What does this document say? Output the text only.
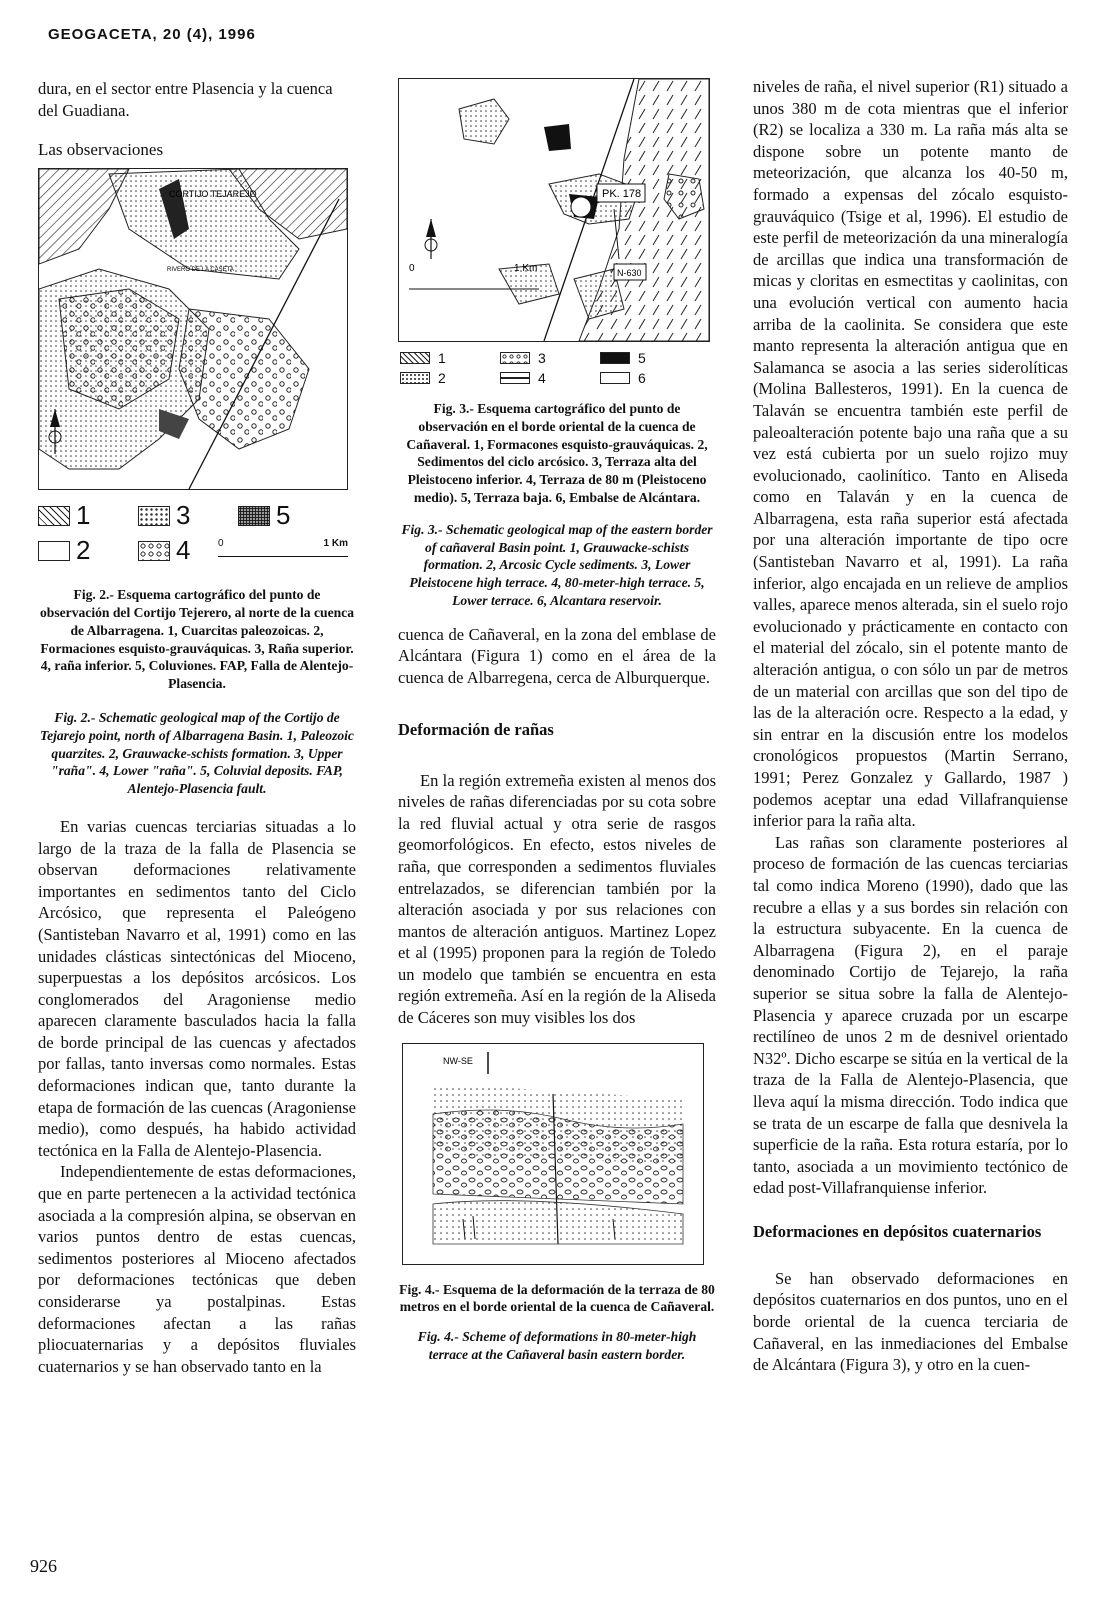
GEOGACETA, 20 (4), 1996

dura, en el sector entre Plasencia y la cuenca del Guadiana.

Las observaciones
CORTIJO TEJAREJO
RIVERO DE LA CASETA
1	3	5
2	4	0	1 Km

Fig. 2.- Esquema cartográfico del punto de observación del Cortijo Tejerero, al norte de la cuenca de Albarragena. 1, Cuarcitas paleozoicas. 2, Formaciones esquisto-grauváquicas. 3, Raña superior. 4, raña inferior. 5, Coluviones. FAP, Falla de Alentejo-Plasencia.

Fig. 2.- Schematic geological map of the Cortijo de Tejarejo point, north of Albarragena Basin. 1, Paleozoic quarzites. 2, Grauwacke-schists formation. 3, Upper "raña". 4, Lower "raña". 5, Coluvial deposits. FAP, Alentejo-Plasencia fault.

En varias cuencas terciarias situadas a lo largo de la traza de la falla de Plasencia se observan deformaciones relativamente importantes en sedimentos tanto del Ciclo Arcósico, que representa el Paleógeno (Santisteban Navarro et al, 1991) como en las unidades clásticas sintectónicas del Mioceno, superpuestas a los depósitos arcósicos. Los conglomerados del Aragoniense medio aparecen claramente basculados hacia la falla de borde principal de las cuencas y afectados por fallas, tanto inversas como normales. Estas deformaciones indican que, tanto durante la etapa de formación de las cuencas (Aragoniense medio), como después, ha habido actividad tectónica en la Falla de Alentejo-Plasencia.

Independientemente de estas deformaciones, que en parte pertenecen a la actividad tectónica asociada a la compresión alpina, se observan en varios puntos dentro de estas cuencas, sedimentos posteriores al Mioceno afectados por deformaciones tectónicas que deben considerarse ya postalpinas. Estas deformaciones afectan a las rañas pliocuaternarias y a depósitos fluviales cuaternarios y se han observado tanto en la

PK. 178
N-630
0	1 Km
1	3	5
2	4	6

Fig. 3.- Esquema cartográfico del punto de observación en el borde oriental de la cuenca de Cañaveral. 1, Formacones esquisto-grauváquicas. 2, Sedimentos del ciclo arcósico. 3, Terraza alta del Pleistoceno inferior. 4, Terraza de 80 m (Pleistoceno medio). 5, Terraza baja. 6, Embalse de Alcántara.

Fig. 3.- Schematic geological map of the eastern border of cañaveral Basin point. 1, Grauwacke-schists formation. 2, Arcosic Cycle sediments. 3, Lower Pleistocene high terrace. 4, 80-meter-high terrace. 5, Lower terrace. 6, Alcantara reservoir.

cuenca de Cañaveral, en la zona del emblase de Alcántara (Figura 1) como en el área de la cuenca de Albarregena, cerca de Alburquerque.

Deformación de rañas

En la región extremeña existen al menos dos niveles de rañas diferenciadas por su cota sobre la red fluvial actual y otra serie de rasgos geomorfológicos. En efecto, estos niveles de raña, que corresponden a sedimentos fluviales entrelazados, se diferencian también por la alteración asociada y por sus relaciones con mantos de alteración antiguos. Martinez Lopez et al (1995) proponen para la región de Toledo un modelo que también se encuentra en esta región extremeña. Así en la región de la Aliseda de Cáceres son muy visibles los dos

NW-SE

Fig. 4.- Esquema de la deformación de la terraza de 80 metros en el borde oriental de la cuenca de Cañaveral.

Fig. 4.- Scheme of deformations in 80-meter-high terrace at the Cañaveral basin eastern border.

niveles de raña, el nivel superior (R1) situado a unos 380 m de cota mientras que el inferior (R2) se localiza a 330 m. La raña más alta se dispone sobre un potente manto de meteorización, que alcanza los 40-50 m, formado a expensas del zócalo esquisto-grauváquico (Tsige et al, 1996). El estudio de este perfil de meteorización da una mineralogía de arcillas que indica una transformación de micas y cloritas en esmectitas y caolinitas, con una evolución vertical con aumento hacia arriba de la caolinita. Se considera que este manto representa la alteración antigua que en Salamanca se asocia a las series siderolíticas (Molina Ballesteros, 1991). En la cuenca de Talaván se encuentra también este perfil de paleoalteración potente bajo una raña que a su vez está cubierta por un suelo rojizo muy evolucionado, caolinítico. Tanto en Aliseda como en Talaván y en la cuenca de Albarragena, esta raña superior está afectada por una alteración importante de tipo ocre (Santisteban Navarro et al, 1991). La raña inferior, algo encajada en un relieve de amplios valles, aparece menos alterada, sin el suelo rojo evolucionado y prácticamente en contacto con el material del zócalo, sin el potente manto de alteración antigua, o con sólo un par de metros de un material con arcillas que son del tipo de las de la alteración ocre. Respecto a la edad, y sin entrar en la discusión entre los modelos cronológicos propuestos (Martin Serrano, 1991; Perez Gonzalez y Gallardo, 1987 ) podemos aceptar una edad Villafranquiense inferior para la raña alta.

Las rañas son claramente posteriores al proceso de formación de las cuencas terciarias tal como indica Moreno (1990), dado que las recubre a ellas y a sus bordes sin relación con la estructura subyacente. En la cuenca de Albarragena (Figura 2), en el paraje denominado Cortijo de Tejarejo, la raña superior se situa sobre la falla de Alentejo-Plasencia y aparece cruzada por un escarpe rectilíneo de unos 2 m de desnivel orientado N32º. Dicho escarpe se sitúa en la vertical de la traza de la Falla de Alentejo-Plasencia, que lleva aquí la misma dirección. Todo indica que se trata de un escarpe de falla que desnivela la superficie de la raña. Esta rotura estaría, por lo tanto, asociada a un movimiento tectónico de edad post-Villafranquiense inferior.

Deformaciones en depósitos cuaternarios

Se han observado deformaciones en depósitos cuaternarios en dos puntos, uno en el borde oriental de la cuenca terciaria de Cañaveral, en las inmediaciones del Embalse de Alcántara (Figura 3), y otro en la cuen-

926
